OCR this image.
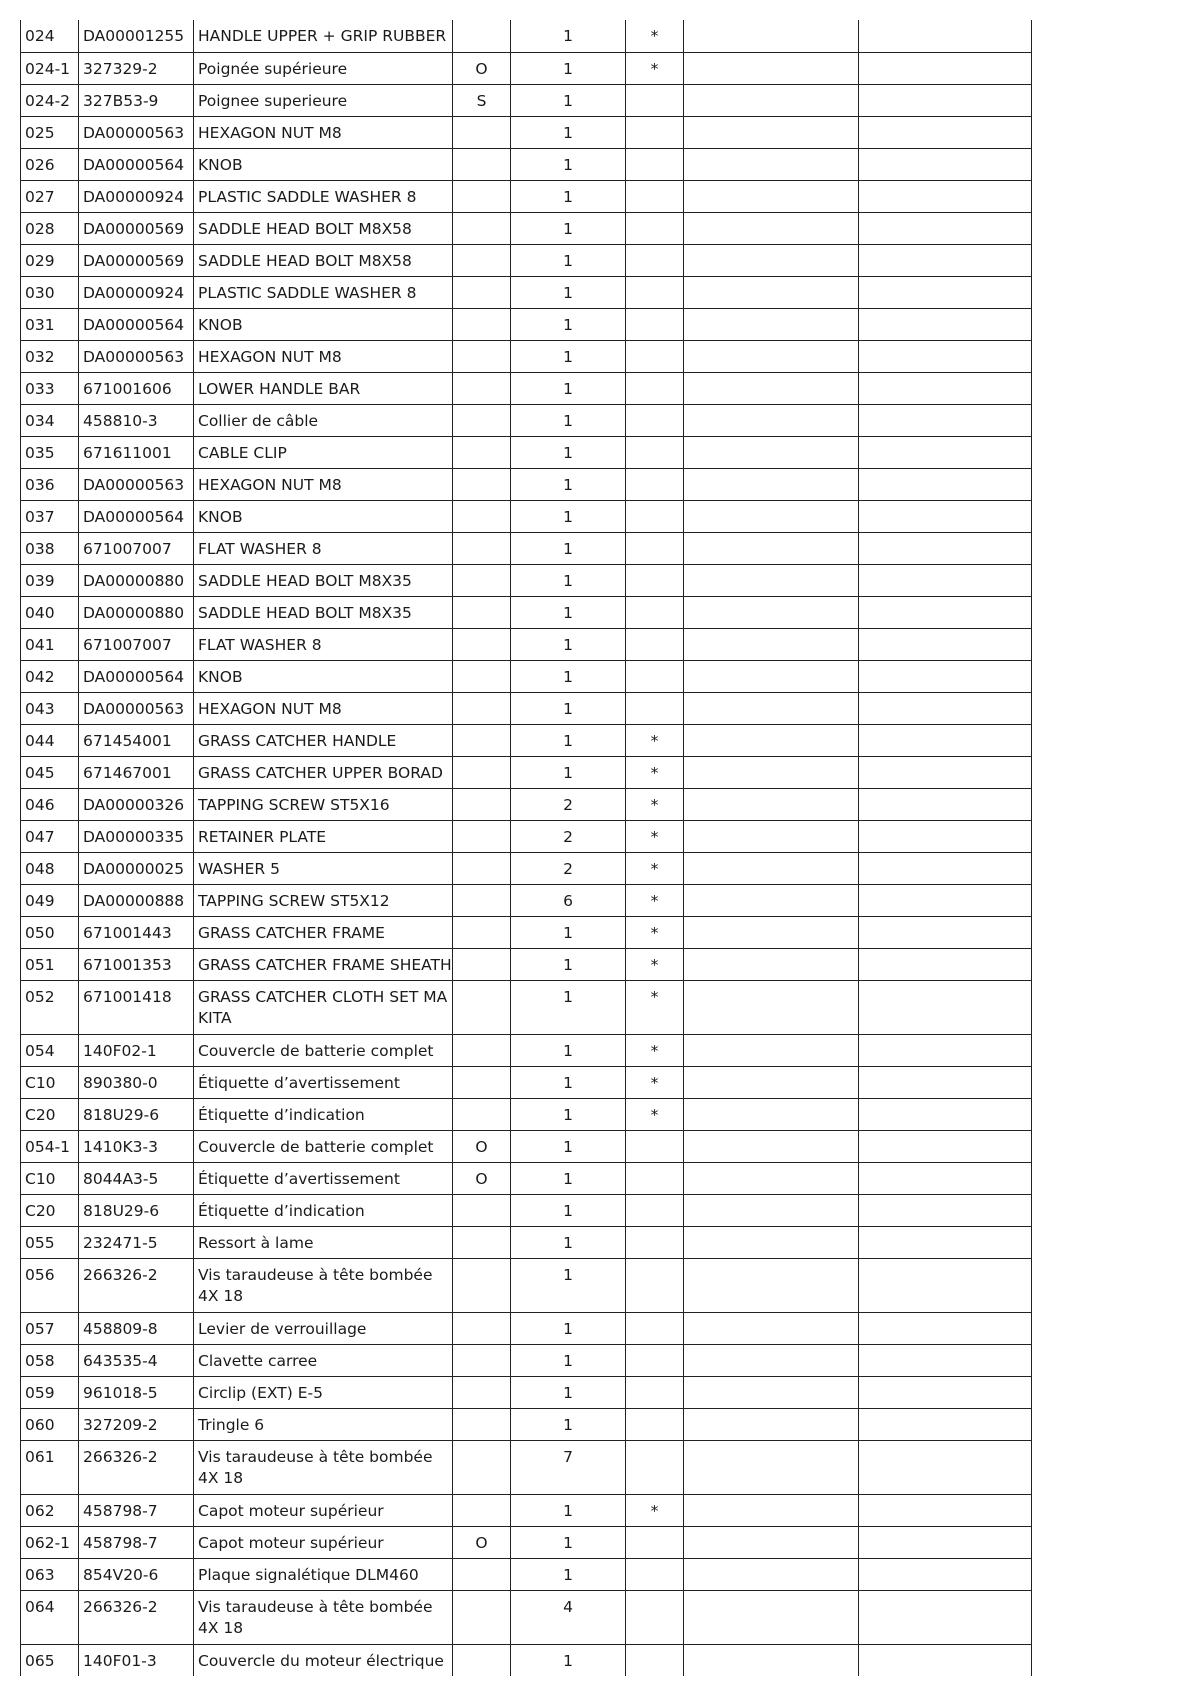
024	DA00001255	HANDLE UPPER + GRIP RUBBER		1	*		
024-1	327329-2	Poignée supérieure	O	1	*		
024-2	327B53-9	Poignee superieure	S	1			
025	DA00000563	HEXAGON NUT M8		1			
026	DA00000564	KNOB		1			
027	DA00000924	PLASTIC SADDLE WASHER 8		1			
028	DA00000569	SADDLE HEAD BOLT M8X58		1			
029	DA00000569	SADDLE HEAD BOLT M8X58		1			
030	DA00000924	PLASTIC SADDLE WASHER 8		1			
031	DA00000564	KNOB		1			
032	DA00000563	HEXAGON NUT M8		1			
033	671001606	LOWER HANDLE BAR		1			
034	458810-3	Collier de câble		1			
035	671611001	CABLE CLIP		1			
036	DA00000563	HEXAGON NUT M8		1			
037	DA00000564	KNOB		1			
038	671007007	FLAT WASHER 8		1			
039	DA00000880	SADDLE HEAD BOLT M8X35		1			
040	DA00000880	SADDLE HEAD BOLT M8X35		1			
041	671007007	FLAT WASHER 8		1			
042	DA00000564	KNOB		1			
043	DA00000563	HEXAGON NUT M8		1			
044	671454001	GRASS CATCHER HANDLE		1	*		
045	671467001	GRASS CATCHER UPPER BORAD		1	*		
046	DA00000326	TAPPING SCREW ST5X16		2	*		
047	DA00000335	RETAINER PLATE		2	*		
048	DA00000025	WASHER 5		2	*		
049	DA00000888	TAPPING SCREW ST5X12		6	*		
050	671001443	GRASS CATCHER FRAME		1	*		
051	671001353	GRASS CATCHER FRAME SHEATH		1	*		
052	671001418	GRASS CATCHER CLOTH SET MA KITA		1	*		
054	140F02-1	Couvercle de batterie complet		1	*		
C10	890380-0	Étiquette d’avertissement		1	*		
C20	818U29-6	Étiquette d’indication		1	*		
054-1	1410K3-3	Couvercle de batterie complet	O	1			
C10	8044A3-5	Étiquette d’avertissement	O	1			
C20	818U29-6	Étiquette d’indication		1			
055	232471-5	Ressort à lame		1			
056	266326-2	Vis taraudeuse à tête bombée 4X 18		1			
057	458809-8	Levier de verrouillage		1			
058	643535-4	Clavette carree		1			
059	961018-5	Circlip (EXT) E-5		1			
060	327209-2	Tringle 6		1			
061	266326-2	Vis taraudeuse à tête bombée 4X 18		7			
062	458798-7	Capot moteur supérieur		1	*		
062-1	458798-7	Capot moteur supérieur	O	1			
063	854V20-6	Plaque signalétique DLM460		1			
064	266326-2	Vis taraudeuse à tête bombée 4X 18		4			
065	140F01-3	Couvercle du moteur électrique		1			
